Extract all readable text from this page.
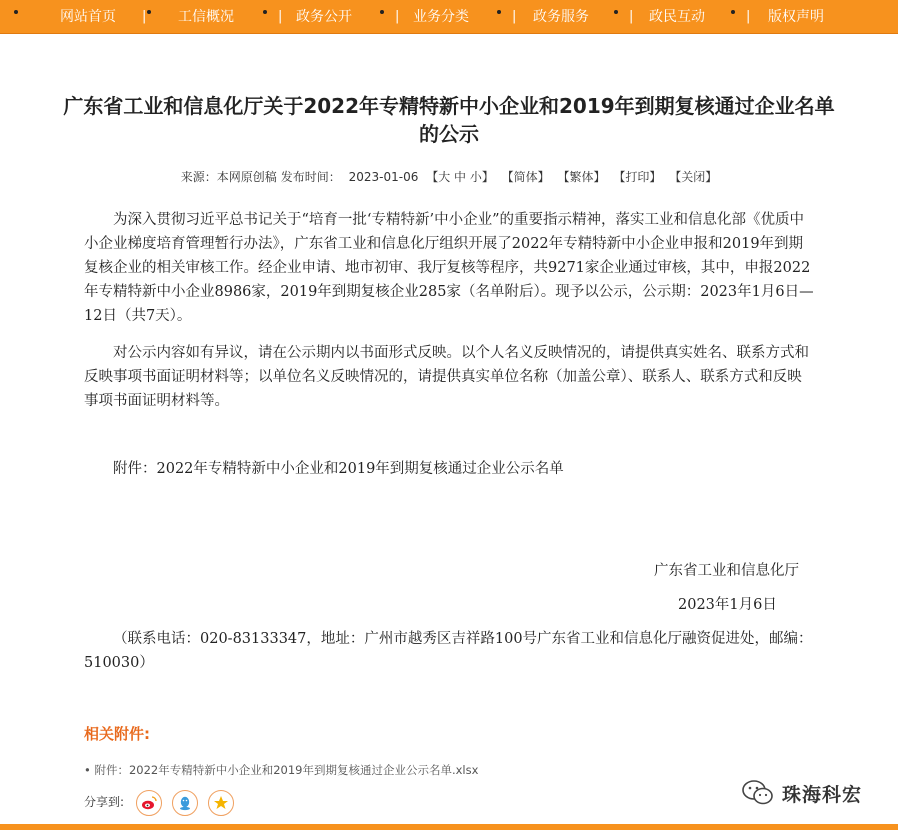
网站首页 | 工信概况	| 政务公开	| 业务分类	| 政务服务	| 政民互动	| 版权声明
广东省工业和信息化厅关于2022年专精特新中小企业和2019年到期复核通过企业名单的公示
来源：本网原创稿 发布时间： 2023-01-06 【大 中 小】 【简体】 【繁体】 【打印】 【关闭】
为深入贯彻习近平总书记关于“培育一批‘专精特新’中小企业”的重要指示精神，落实工业和信息化部《优质中小企业梯度培育管理暂行办法》，广东省工业和信息化厅组织开展了2022年专精特新中小企业申报和2019年到期复核企业的相关审核工作。经企业申请、地市初审、我厅复核等程序，共9271家企业通过审核，其中，申报2022年专精特新中小企业8986家，2019年到期复核企业285家（名单附后）。现予以公示，公示期：2023年1月6日—12日（共7天）。
对公示内容如有异议，请在公示期内以书面形式反映。以个人名义反映情况的，请提供真实姓名、联系方式和反映事项书面证明材料等；以单位名义反映情况的，请提供真实单位名称（加盖公章）、联系人、联系方式和反映事项书面证明材料等。
附件：2022年专精特新中小企业和2019年到期复核通过企业公示名单
广东省工业和信息化厅
2023年1月6日
（联系电话：020-83133347，地址：广州市越秀区吉祥路100号广东省工业和信息化厅融资促进处，邮编：510030）
相关附件:
• 附件：2022年专精特新中小企业和2019年到期复核通过企业公示名单.xlsx
分享到:	珠海科宏
